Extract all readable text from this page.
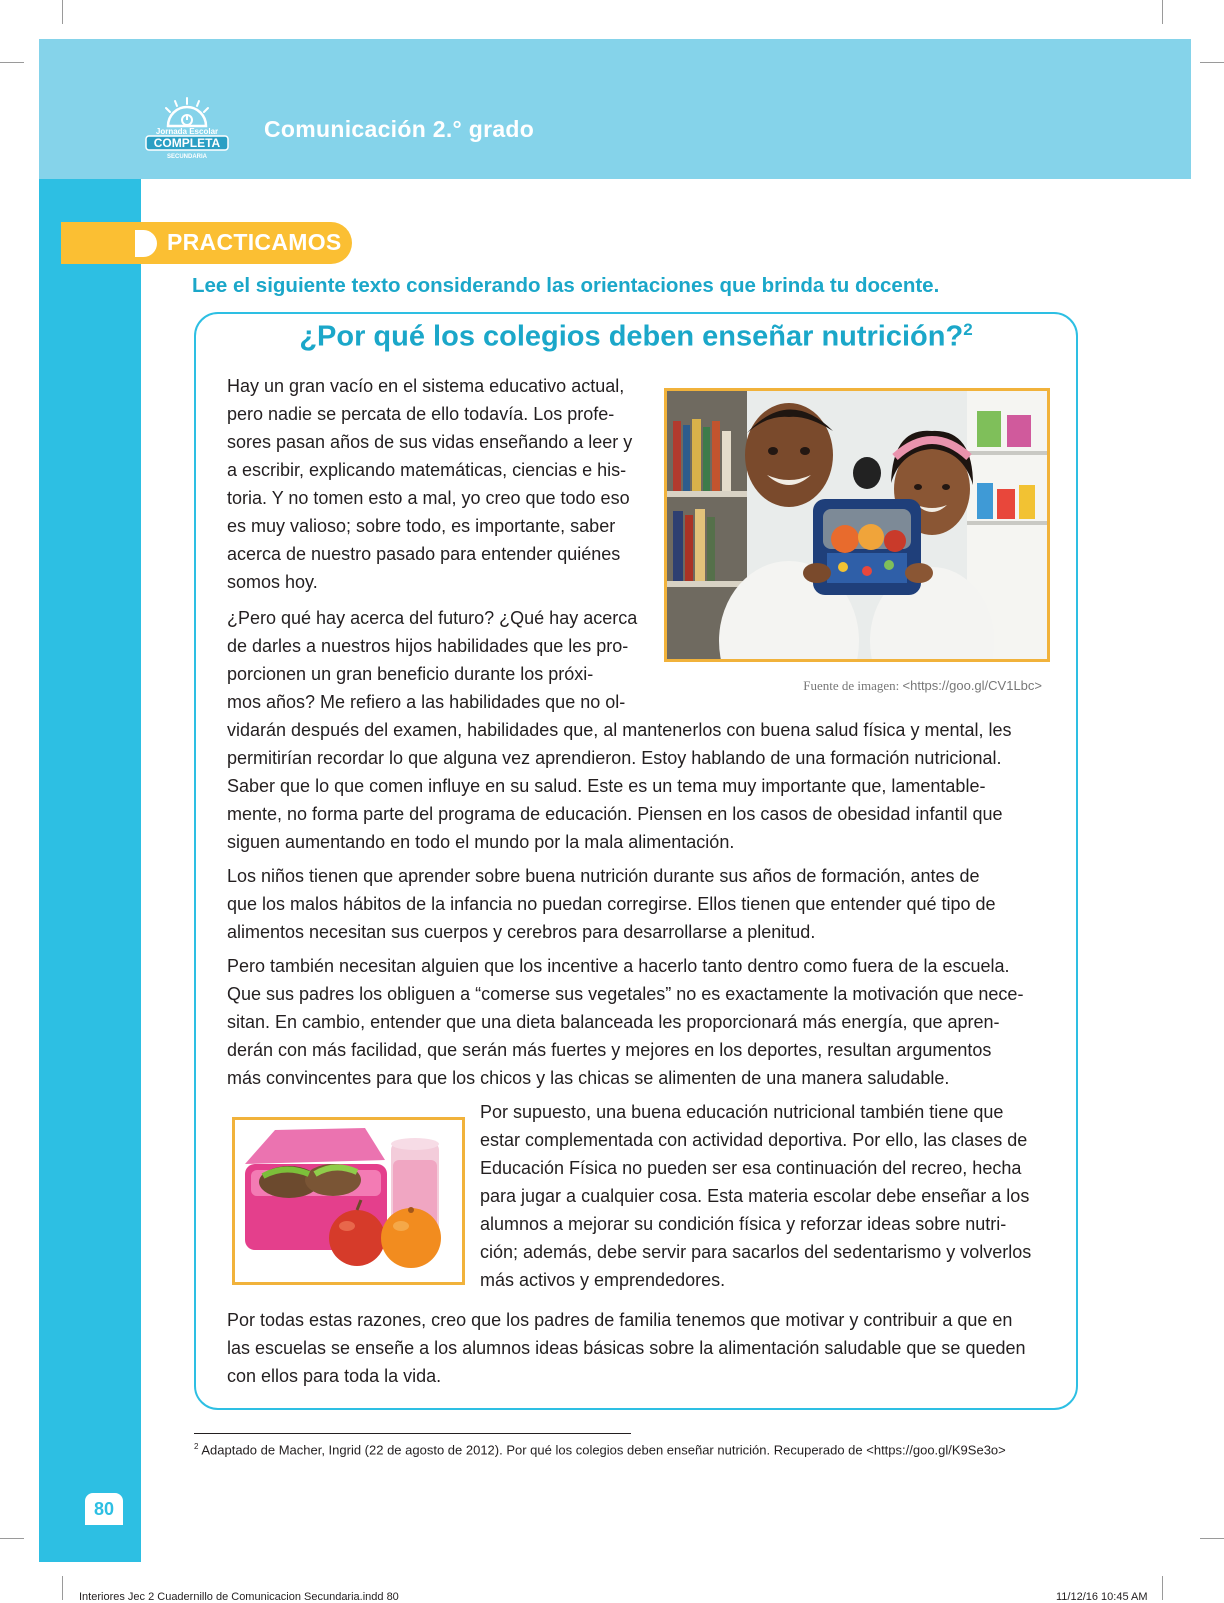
Jornada Escolar
COMPLETA
SECUNDARIA
Comunicación 2.° grado
PRACTICAMOS
Lee el siguiente texto considerando las orientaciones que brinda tu docente.
¿Por qué los colegios deben enseñar nutrición?$^2$
Hay un gran vacío en el sistema educativo actual,
pero nadie se percata de ello todavía. Los profe-
sores pasan años de sus vidas enseñando a leer y
a escribir, explicando matemáticas, ciencias e his-
toria. Y no tomen esto a mal, yo creo que todo eso
es muy valioso; sobre todo, es importante, saber
acerca de nuestro pasado para entender quiénes
somos hoy.
¿Pero qué hay acerca del futuro? ¿Qué hay acerca
de darles a nuestros hijos habilidades que les pro-
porcionen un gran beneficio durante los próxi-
mos años? Me refiero a las habilidades que no ol-
vidarán después del examen, habilidades que, al mantenerlos con buena salud física y mental, les
permitirían recordar lo que alguna vez aprendieron. Estoy hablando de una formación nutricional.
Saber que lo que comen influye en su salud. Este es un tema muy importante que, lamentable-
mente, no forma parte del programa de educación. Piensen en los casos de obesidad infantil que
siguen aumentando en todo el mundo por la mala alimentación.
Los niños tienen que aprender sobre buena nutrición durante sus años de formación, antes de
que los malos hábitos de la infancia no puedan corregirse. Ellos tienen que entender qué tipo de
alimentos necesitan sus cuerpos y cerebros para desarrollarse a plenitud.
Pero también necesitan alguien que los incentive a hacerlo tanto dentro como fuera de la escuela.
Que sus padres los obliguen a “comerse sus vegetales” no es exactamente la motivación que nece-
sitan. En cambio, entender que una dieta balanceada les proporcionará más energía, que apren-
derán con más facilidad, que serán más fuertes y mejores en los deportes, resultan argumentos
más convincentes para que los chicos y las chicas se alimenten de una manera saludable.
Por supuesto, una buena educación nutricional también tiene que
estar complementada con actividad deportiva. Por ello, las clases de
Educación Física no pueden ser esa continuación del recreo, hecha
para jugar a cualquier cosa. Esta materia escolar debe enseñar a los
alumnos a mejorar su condición física y reforzar ideas sobre nutri-
ción; además, debe servir para sacarlos del sedentarismo y volverlos
más activos y emprendedores.
Por todas estas razones, creo que los padres de familia tenemos que motivar y contribuir a que en
las escuelas se enseñe a los alumnos ideas básicas sobre la alimentación saludable que se queden
con ellos para toda la vida.
Fuente de imagen: <https://goo.gl/CV1Lbc>
$^2$ Adaptado de Macher, Ingrid (22 de agosto de 2012). Por qué los colegios deben enseñar nutrición. Recuperado de <https://goo.gl/K9Se3o>
80
Interiores Jec 2 Cuadernillo de Comunicacion Secundaria.indd 80	11/12/16 10:45 AM
